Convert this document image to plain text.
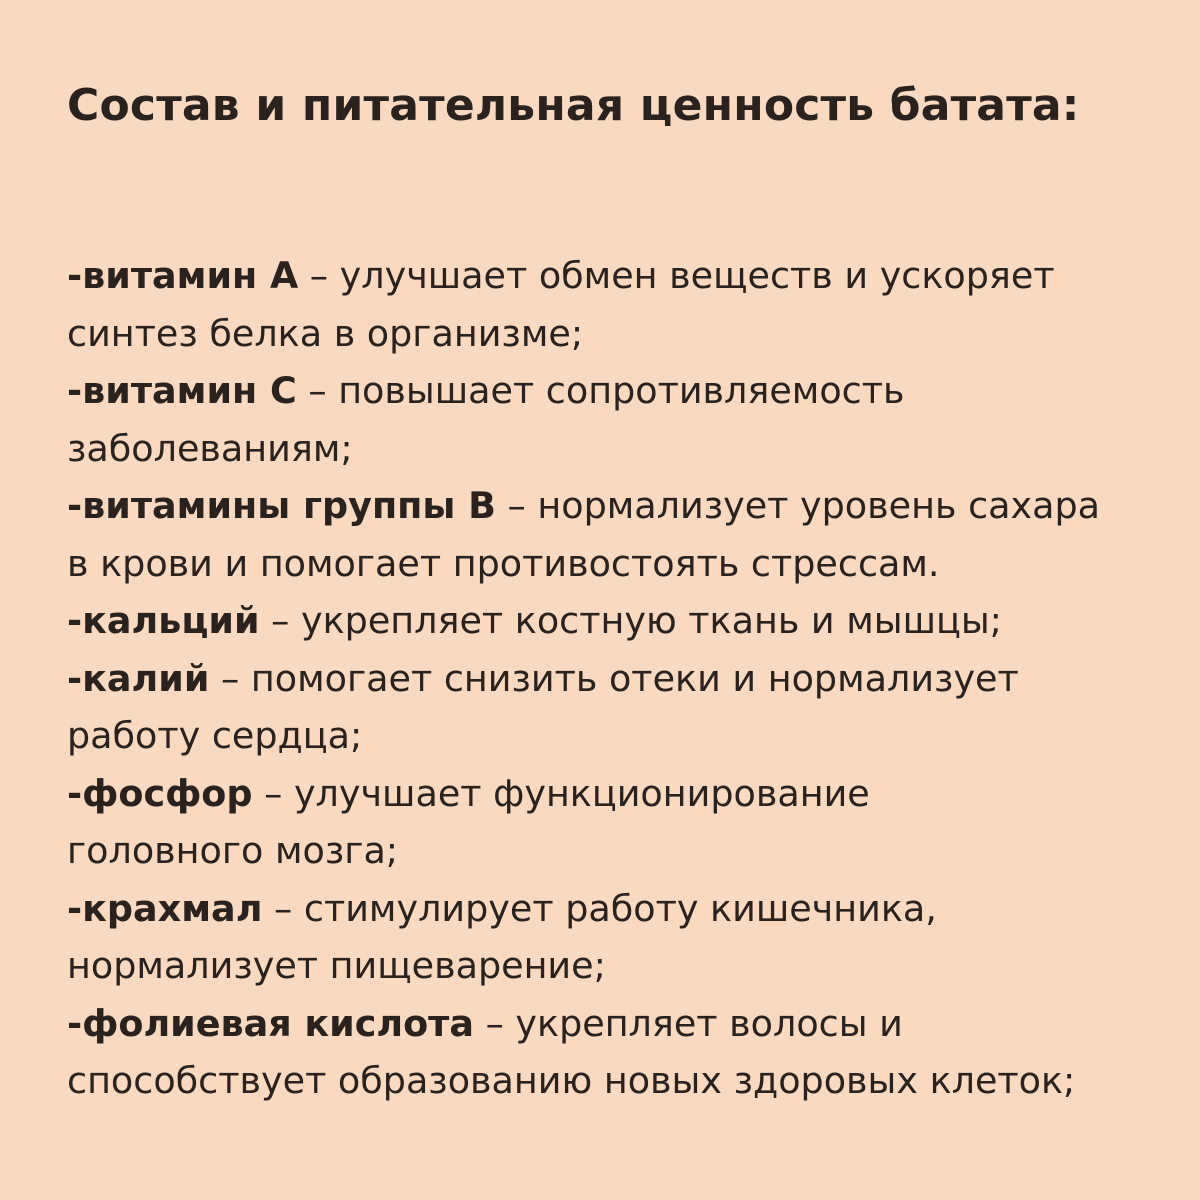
Состав и питательная ценность батата:
-витамин А – улучшает обмен веществ и ускоряет
синтез белка в организме;
-витамин С – повышает сопротивляемость
заболеваниям;
-витамины группы В – нормализует уровень сахара
в крови и помогает противостоять стрессам.
-кальций – укрепляет костную ткань и мышцы;
-калий – помогает снизить отеки и нормализует
работу сердца;
-фосфор – улучшает функционирование
головного мозга;
-крахмал – стимулирует работу кишечника,
нормализует пищеварение;
-фолиевая кислота – укрепляет волосы и
способствует образованию новых здоровых клеток;
